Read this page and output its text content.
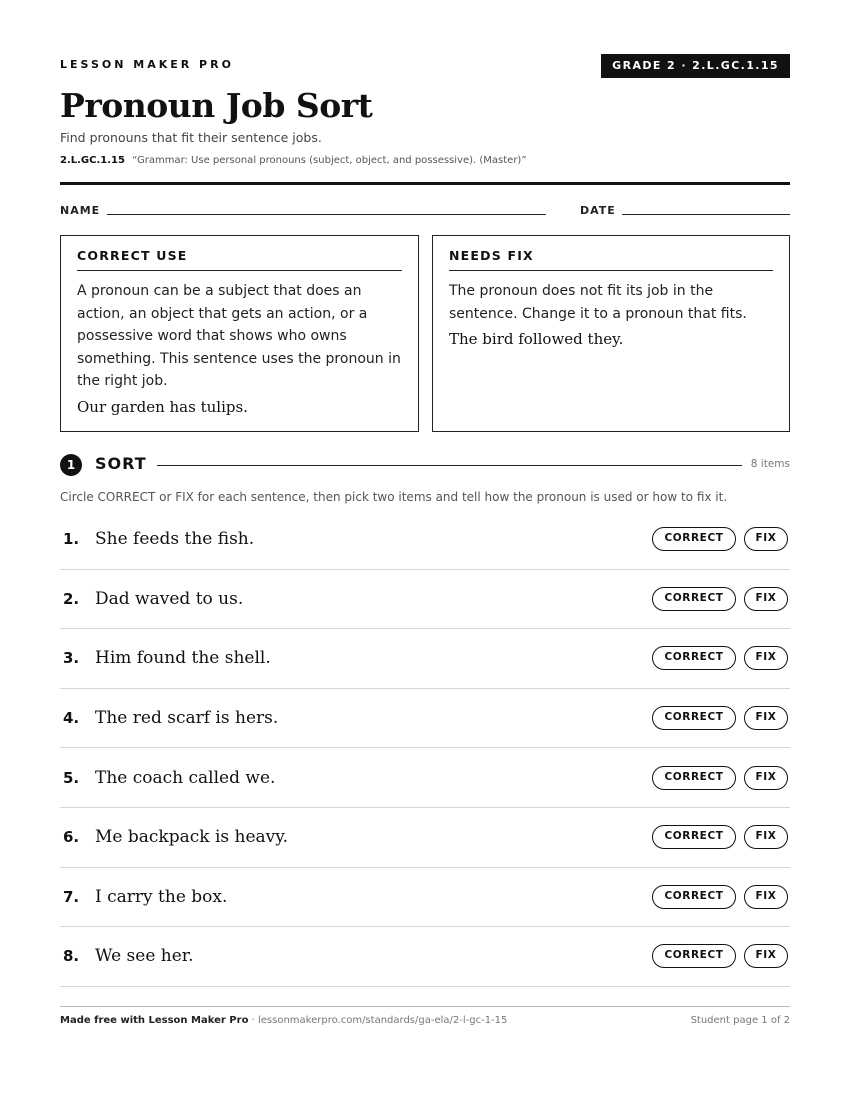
LESSON MAKER PRO	GRADE 2 · 2.L.GC.1.15
Pronoun Job Sort
Find pronouns that fit their sentence jobs.
2.L.GC.1.15 “Grammar: Use personal pronouns (subject, object, and possessive). (Master)”
NAME	DATE
CORRECT USE
A pronoun can be a subject that does an action, an object that gets an action, or a possessive word that shows who owns something. This sentence uses the pronoun in the right job.
Our garden has tulips.
NEEDS FIX
The pronoun does not fit its job in the sentence. Change it to a pronoun that fits.
The bird followed they.
1	SORT	8 items
Circle CORRECT or FIX for each sentence, then pick two items and tell how the pronoun is used or how to fix it.
1. She feeds the fish.	CORRECT	FIX
2. Dad waved to us.	CORRECT	FIX
3. Him found the shell.	CORRECT	FIX
4. The red scarf is hers.	CORRECT	FIX
5. The coach called we.	CORRECT	FIX
6. Me backpack is heavy.	CORRECT	FIX
7. I carry the box.	CORRECT	FIX
8. We see her.	CORRECT	FIX
Made free with Lesson Maker Pro · lessonmakerpro.com/standards/ga-ela/2-l-gc-1-15	Student page 1 of 2
